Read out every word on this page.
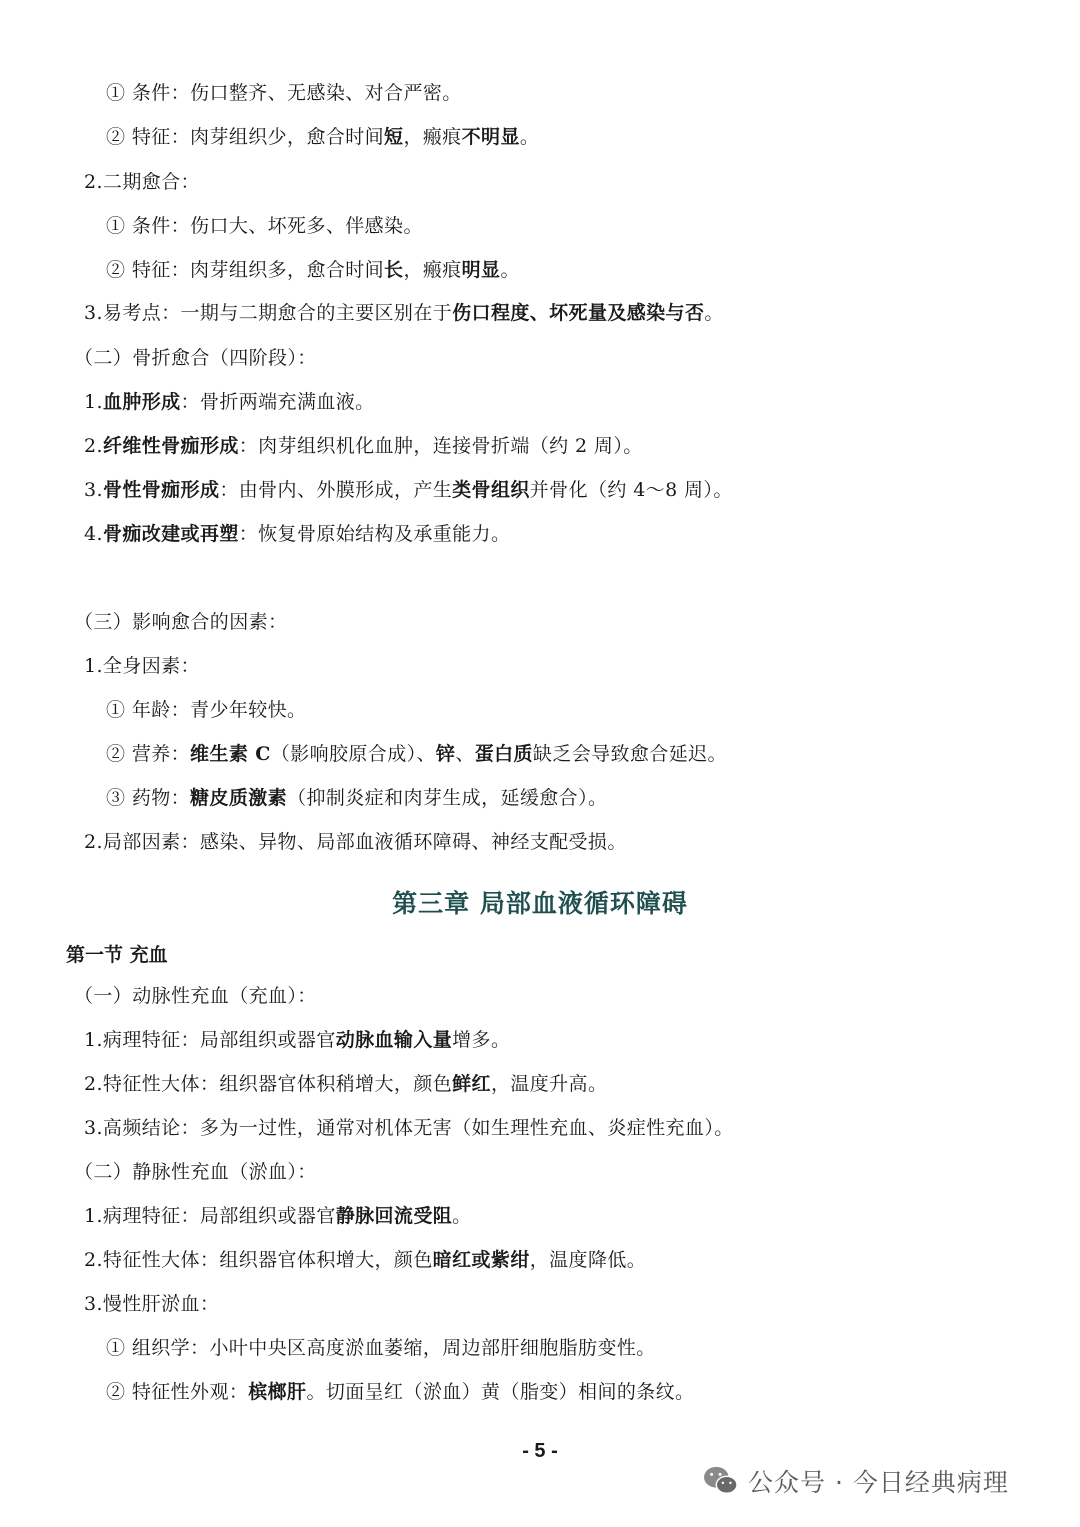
第三章 局部血液循环障碍
第一节 充血
- 5 -
公众号 · 今日经典病理
① 条件：伤口整齐、无感染、对合严密。
② 特征：肉芽组织少，愈合时间短，瘢痕不明显。
2.二期愈合：
① 条件：伤口大、坏死多、伴感染。
② 特征：肉芽组织多，愈合时间长，瘢痕明显。
3.易考点：一期与二期愈合的主要区别在于伤口程度、坏死量及感染与否。
（二）骨折愈合（四阶段）：
1.血肿形成：骨折两端充满血液。
2.纤维性骨痂形成：肉芽组织机化血肿，连接骨折端（约 2 周）。
3.骨性骨痂形成：由骨内、外膜形成，产生类骨组织并骨化（约 4～8 周）。
4.骨痂改建或再塑：恢复骨原始结构及承重能力。
（三）影响愈合的因素：
1.全身因素：
① 年龄：青少年较快。
② 营养：维生素 C（影响胶原合成）、锌、蛋白质缺乏会导致愈合延迟。
③ 药物：糖皮质激素（抑制炎症和肉芽生成，延缓愈合）。
2.局部因素：感染、异物、局部血液循环障碍、神经支配受损。
（一）动脉性充血（充血）：
1.病理特征：局部组织或器官动脉血输入量增多。
2.特征性大体：组织器官体积稍增大，颜色鲜红，温度升高。
3.高频结论：多为一过性，通常对机体无害（如生理性充血、炎症性充血）。
（二）静脉性充血（淤血）：
1.病理特征：局部组织或器官静脉回流受阻。
2.特征性大体：组织器官体积增大，颜色暗红或紫绀，温度降低。
3.慢性肝淤血：
① 组织学：小叶中央区高度淤血萎缩，周边部肝细胞脂肪变性。
② 特征性外观：槟榔肝。切面呈红（淤血）黄（脂变）相间的条纹。
